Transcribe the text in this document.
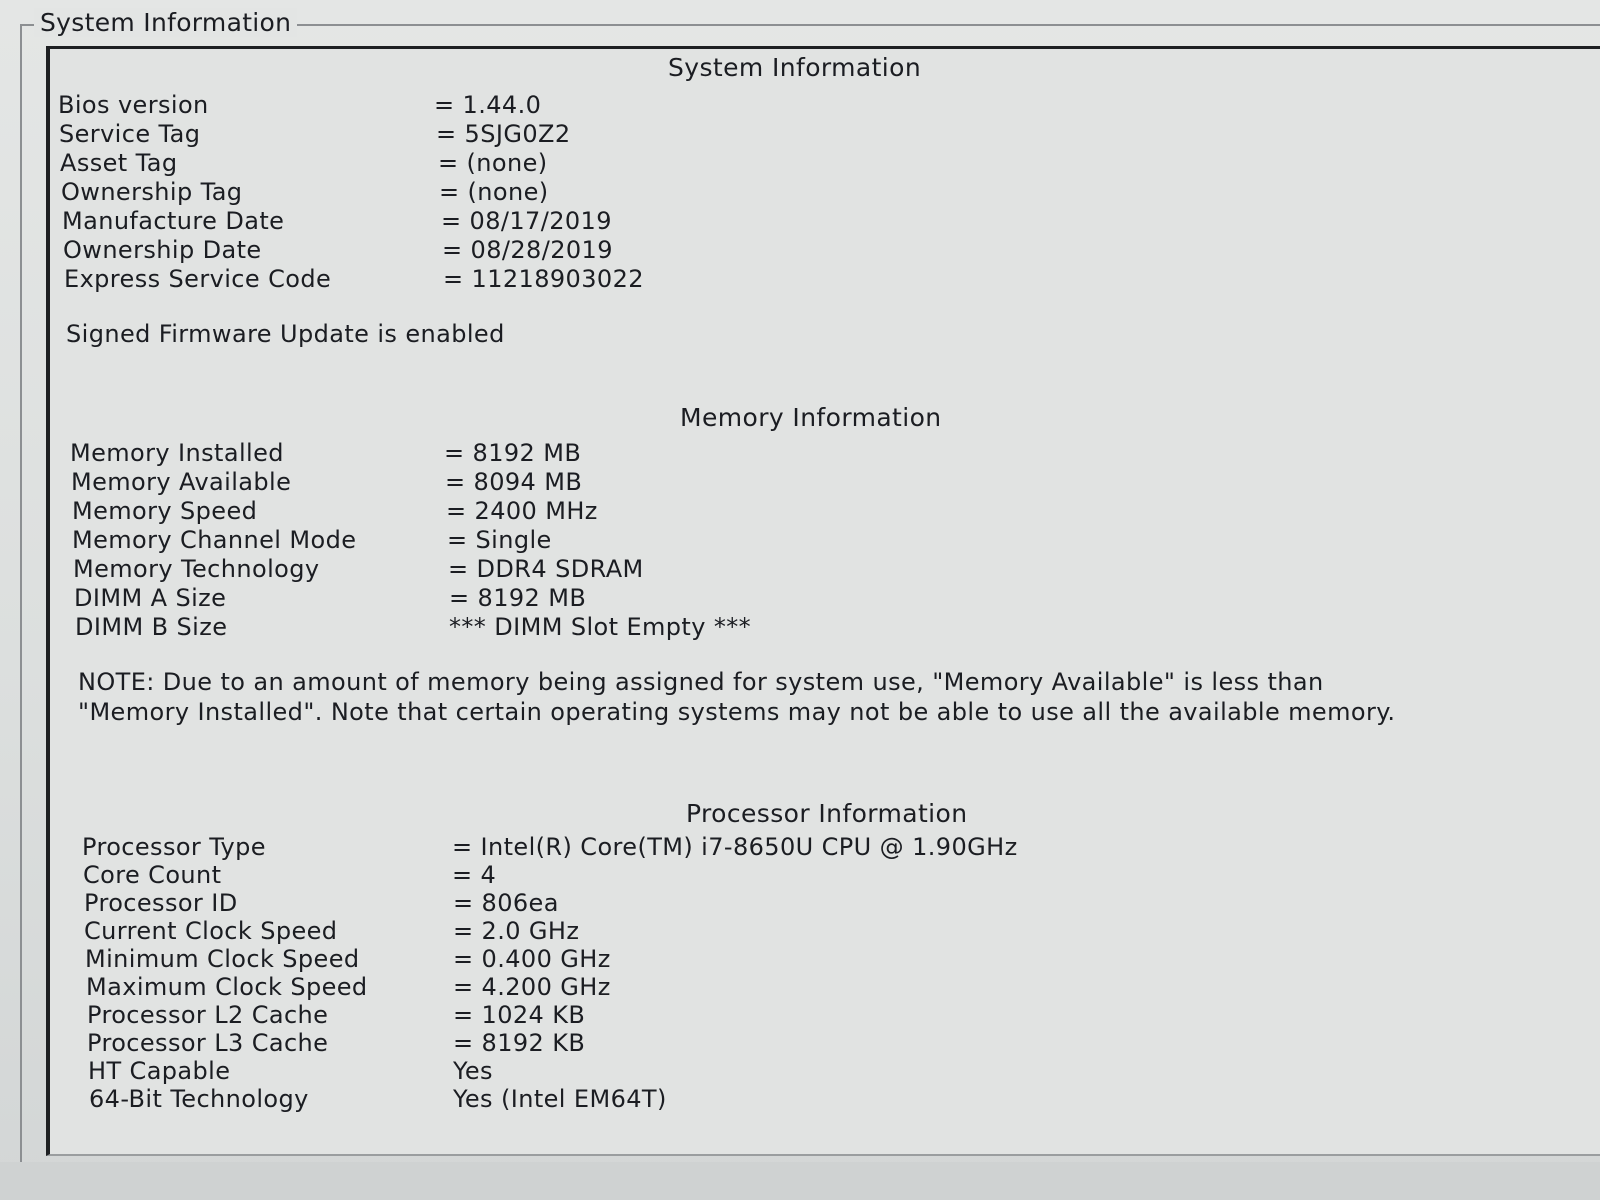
System Information
System Information
Bios version	= 1.44.0
Service Tag	= 5SJG0Z2
Asset Tag	= (none)
Ownership Tag	= (none)
Manufacture Date	= 08/17/2019
Ownership Date	= 08/28/2019
Express Service Code	= 11218903022
Signed Firmware Update is enabled
Memory Information
Memory Installed	= 8192 MB
Memory Available	= 8094 MB
Memory Speed	= 2400 MHz
Memory Channel Mode	= Single
Memory Technology	= DDR4 SDRAM
DIMM A Size	= 8192 MB
DIMM B Size	*** DIMM Slot Empty ***
NOTE: Due to an amount of memory being assigned for system use, "Memory Available" is less than "Memory Installed". Note that certain operating systems may not be able to use all the available memory.
Processor Information
Processor Type	= Intel(R) Core(TM) i7-8650U CPU @ 1.90GHz
Core Count	= 4
Processor ID	= 806ea
Current Clock Speed	= 2.0 GHz
Minimum Clock Speed	= 0.400 GHz
Maximum Clock Speed	= 4.200 GHz
Processor L2 Cache	= 1024 KB
Processor L3 Cache	= 8192 KB
HT Capable	Yes
64-Bit Technology	Yes (Intel EM64T)
